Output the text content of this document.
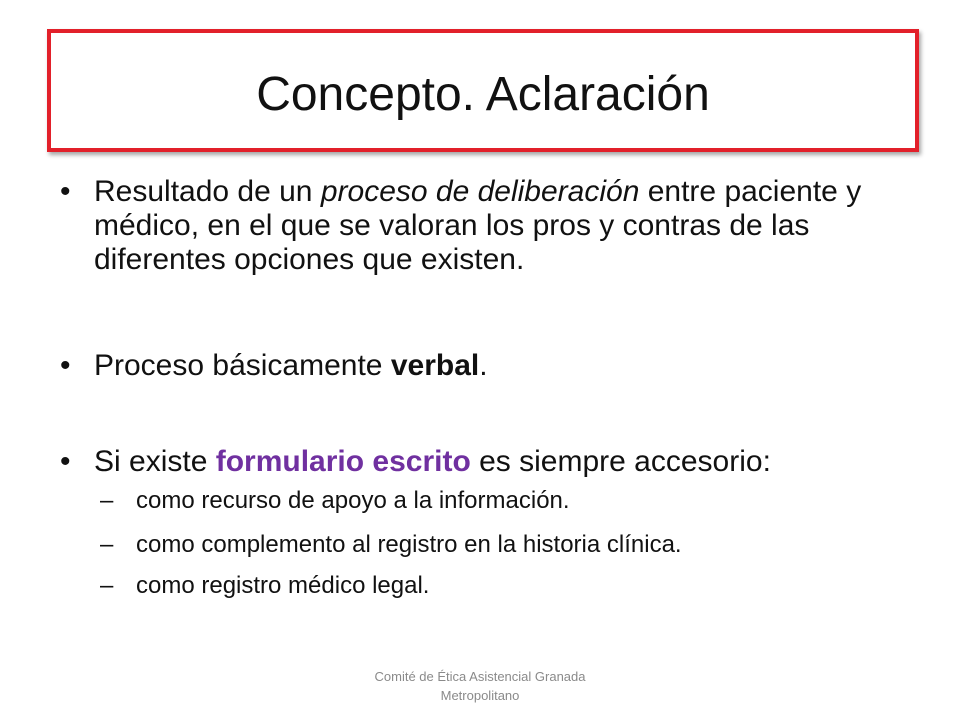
Concepto. Aclaración
• Resultado de un proceso de deliberación entre paciente y médico, en el que se valoran los pros y contras de las diferentes opciones que existen.
• Proceso básicamente verbal.
• Si existe formulario escrito es siempre accesorio:
– como recurso de apoyo a la información.
– como complemento al registro en la historia clínica.
– como registro médico legal.
Comité de Ética Asistencial Granada
Metropolitano
